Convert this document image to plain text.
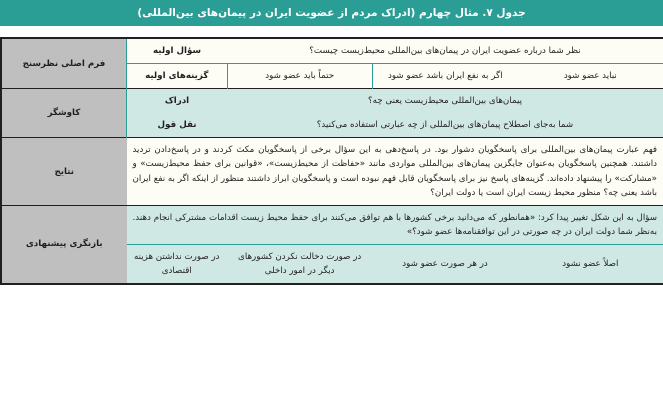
جدول ۷. مثال چهارم (ادراک مردم از عضویت ایران در پیمان‌های بین‌المللی)
نظر شما درباره عضویت ایران در پیمان‌های بین‌المللی محیط‌زیست چیست؟			سؤال اولیه	فرم اصلی نظرسنج

نباید عضو شود	اگر به نفع ایران باشد عضو شود	حتماً باید عضو شود	گزینه‌های اولیه	
پیمان‌های بین‌المللی محیط‌زیست یعنی چه؟			ادراک	کاوشگر
شما به‌جای اصطلاح پیمان‌های بین‌المللی از چه عبارتی استفاده می‌کنید؟			نقل قول	
فهم عبارت پیمان‌های بین‌المللی برای پاسخگویان دشوار بود. در پاسخ‌دهی به این سؤال برخی از پاسخگویان مکث کردند و در پاسخ‌دادن تردید داشتند. همچنین پاسخگویان به‌عنوان جایگزین پیمان‌های بین‌المللی مواردی مانند «حفاظت از محیط‌زیست»، «قوانین برای حفظ محیط‌زیست» و «مشارکت» را پیشنهاد داده‌اند. گزینه‌های پاسخ نیز برای پاسخگویان قابل فهم نبوده است و پاسخگویان ابراز داشتند منظور از اینکه اگر به نفع ایران باشد یعنی چه؟ منظور محیط زیست ایران است یا دولت ایران؟				نتایج
سؤال به این شکل تغییر پیدا کرد: «همانطور که می‌دانید برخی کشورها با هم توافق می‌کنند برای حفظ محیط زیست اقدامات مشترکی انجام دهند. به‌نظر شما دولت ایران در چه صورتی در این توافقنامه‌ها عضو شود؟»				بازنگری پیشنهادی

اصلاً عضو نشود	در هر صورت عضو شود	در صورت دخالت نکردن کشورهای دیگر در امور داخلی	در صورت نداشتن هزینه اقتصادی	
